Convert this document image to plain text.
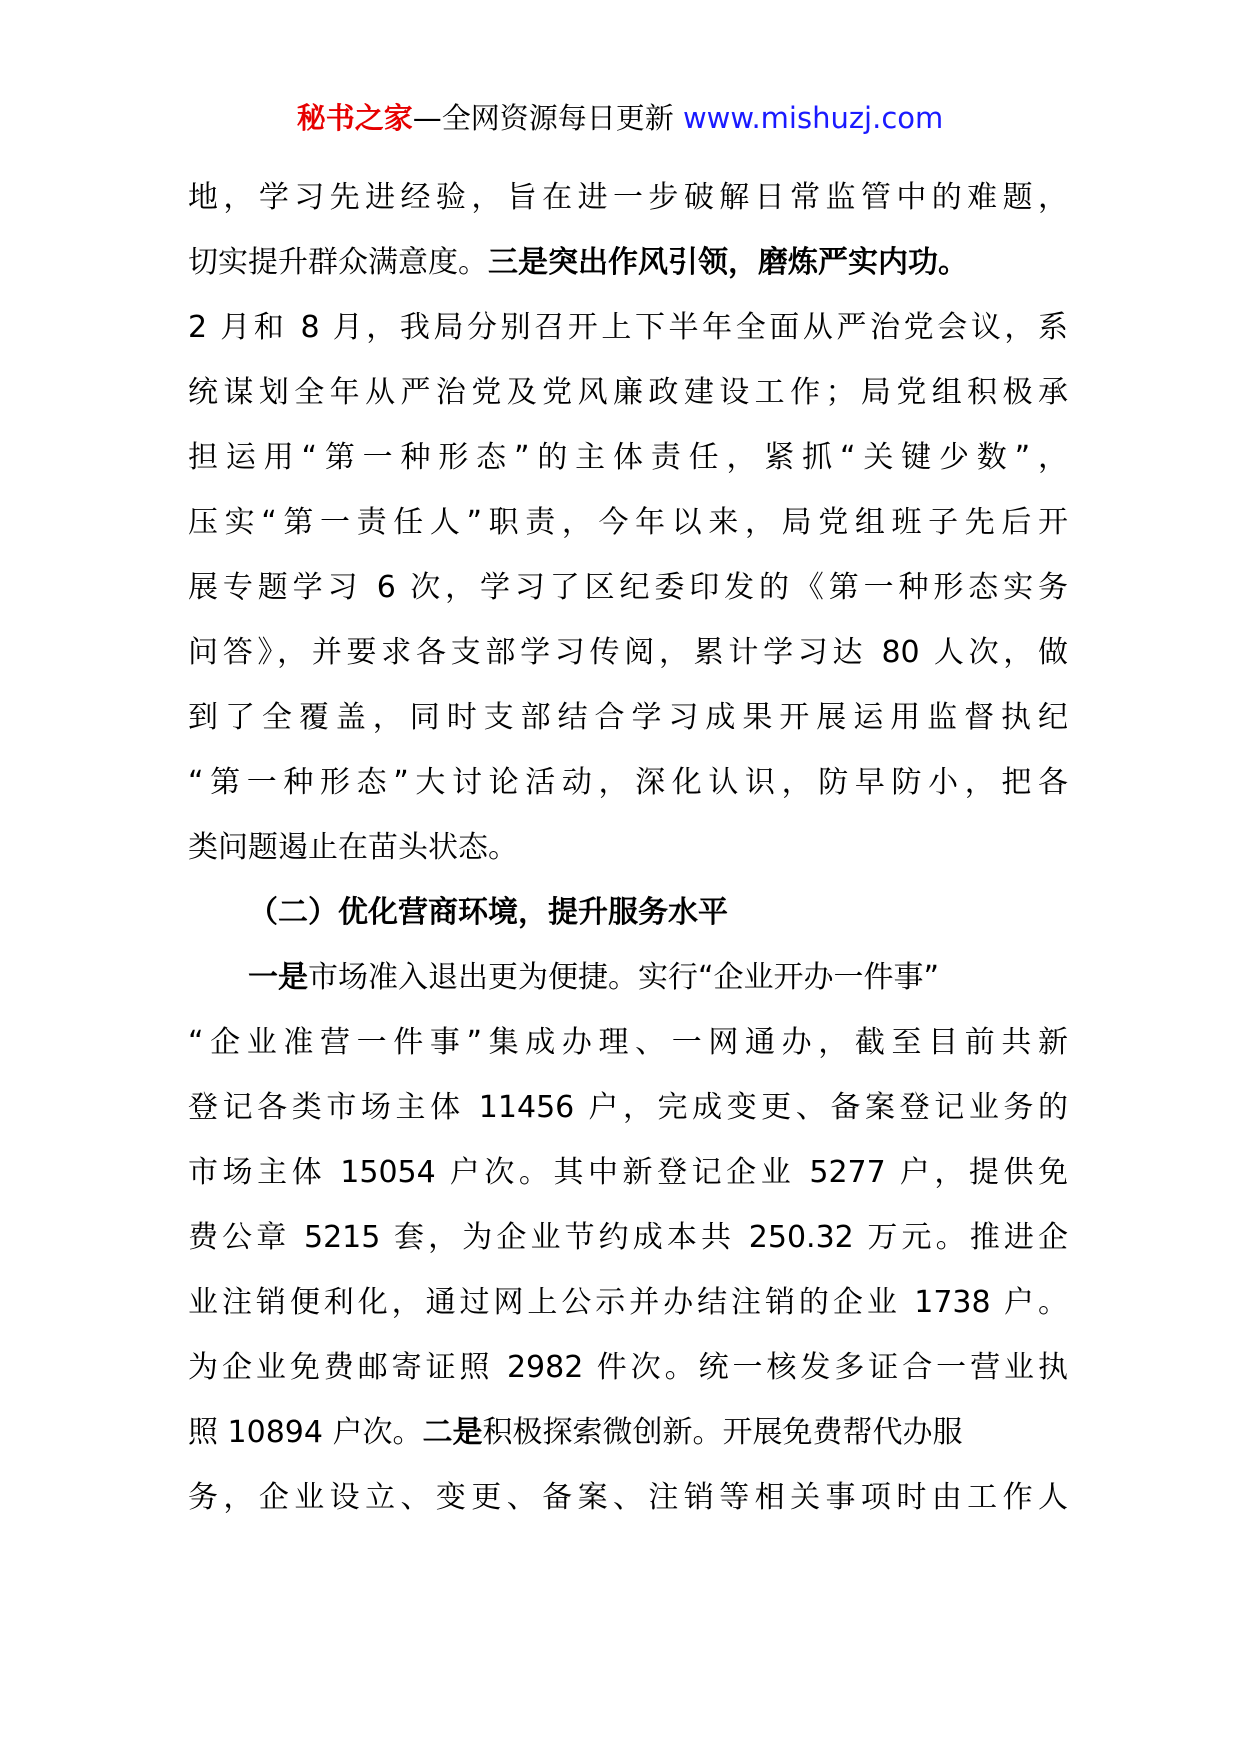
秘书之家—全网资源每日更新 www.mishuzj.com
地，学习先进经验，旨在进一步破解日常监管中的难题，
切实提升群众满意度。三是突出作风引领，磨炼严实内功。
2 月和 8 月，我局分别召开上下半年全面从严治党会议，系
统谋划全年从严治党及党风廉政建设工作；局党组积极承
担运用“第一种形态”的主体责任，紧抓“关键少数”，
压实“第一责任人”职责，今年以来，局党组班子先后开
展专题学习 6 次，学习了区纪委印发的《第一种形态实务
问答》，并要求各支部学习传阅，累计学习达 80 人次，做
到了全覆盖，同时支部结合学习成果开展运用监督执纪
“第一种形态”大讨论活动，深化认识，防早防小，把各
类问题遏止在苗头状态。
（二）优化营商环境，提升服务水平
一是市场准入退出更为便捷。实行“企业开办一件事”
“企业准营一件事”集成办理、一网通办，截至目前共新
登记各类市场主体 11456 户，完成变更、备案登记业务的
市场主体 15054 户次。其中新登记企业 5277 户，提供免
费公章 5215 套，为企业节约成本共 250.32 万元。推进企
业注销便利化，通过网上公示并办结注销的企业 1738 户。
为企业免费邮寄证照 2982 件次。统一核发多证合一营业执
照 10894 户次。二是积极探索微创新。开展免费帮代办服
务，企业设立、变更、备案、注销等相关事项时由工作人
